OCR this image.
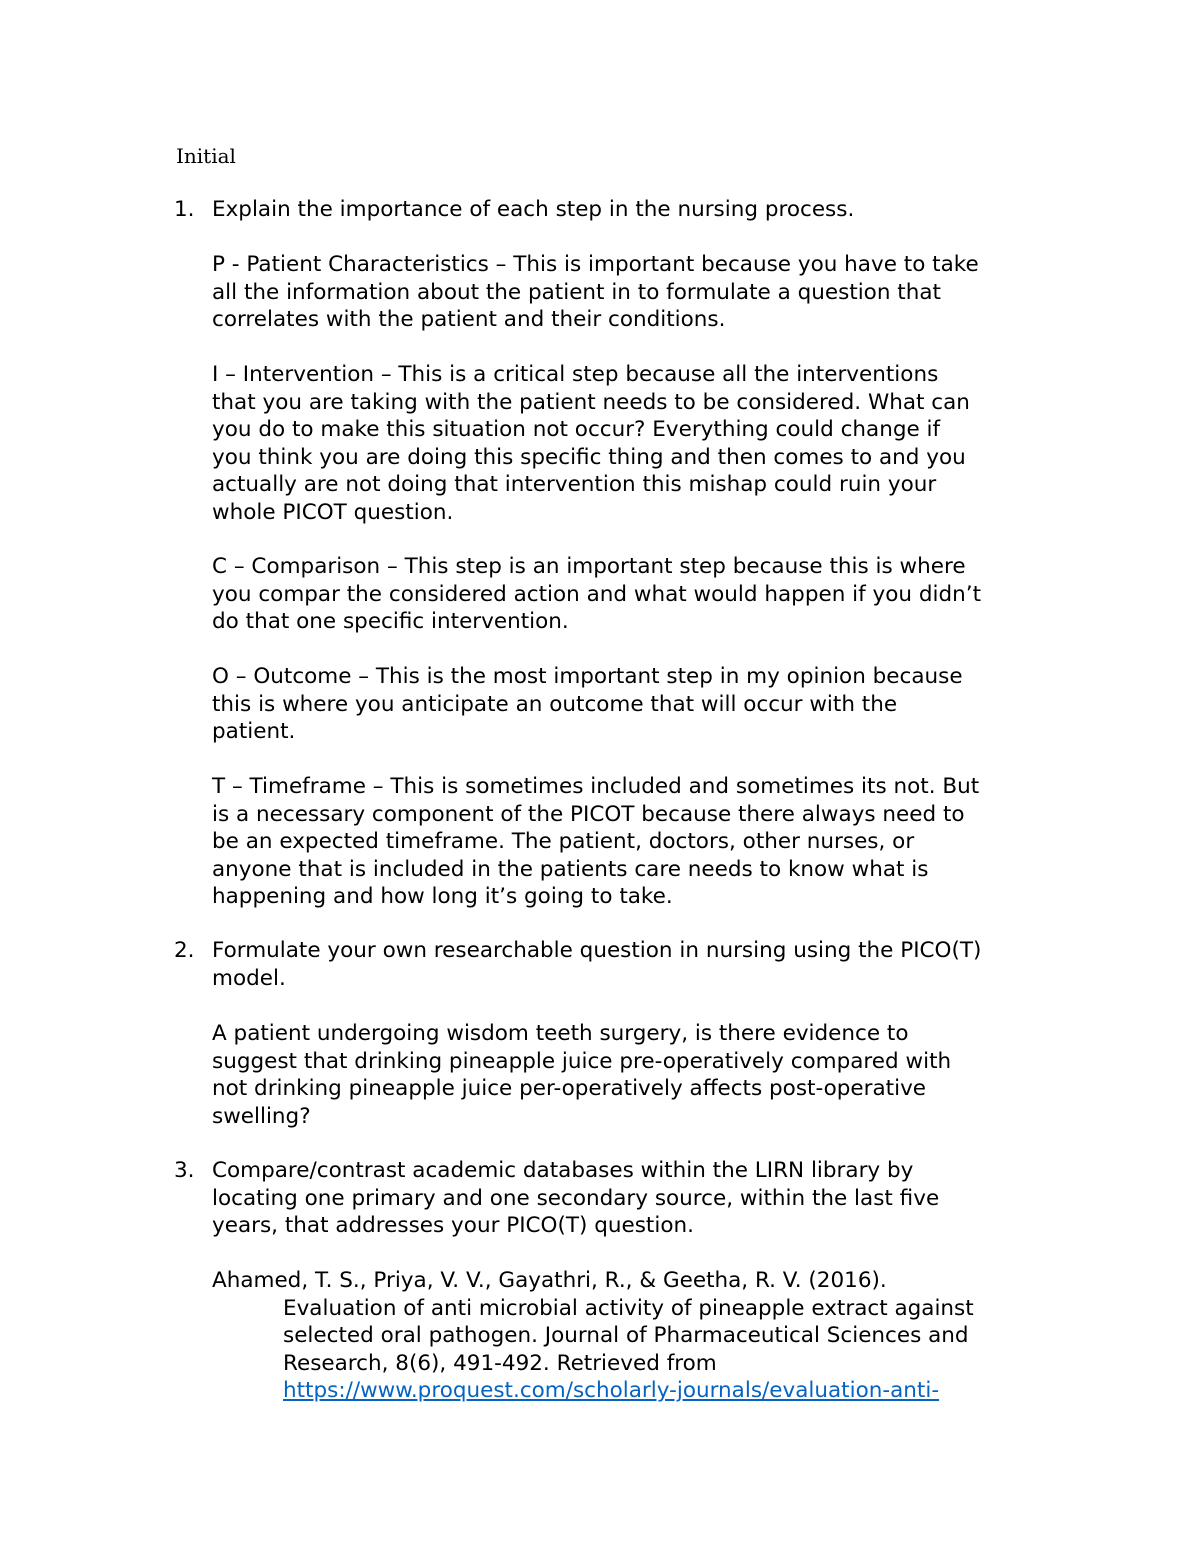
Initial
1. Explain the importance of each step in the nursing process.

P - Patient Characteristics – This is important because you have to take
all the information about the patient in to formulate a question that
correlates with the patient and their conditions.

I – Intervention – This is a critical step because all the interventions
that you are taking with the patient needs to be considered. What can
you do to make this situation not occur? Everything could change if
you think you are doing this specific thing and then comes to and you
actually are not doing that intervention this mishap could ruin your
whole PICOT question.

C – Comparison – This step is an important step because this is where
you compar the considered action and what would happen if you didn’t
do that one specific intervention.

O – Outcome – This is the most important step in my opinion because
this is where you anticipate an outcome that will occur with the
patient.

T – Timeframe – This is sometimes included and sometimes its not. But
is a necessary component of the PICOT because there always need to
be an expected timeframe. The patient, doctors, other nurses, or
anyone that is included in the patients care needs to know what is
happening and how long it’s going to take.

2. Formulate your own researchable question in nursing using the PICO(T)
model.

A patient undergoing wisdom teeth surgery, is there evidence to
suggest that drinking pineapple juice pre-operatively compared with
not drinking pineapple juice per-operatively affects post-operative
swelling?

3. Compare/contrast academic databases within the LIRN library by
locating one primary and one secondary source, within the last five
years, that addresses your PICO(T) question.

Ahamed, T. S., Priya, V. V., Gayathri, R., & Geetha, R. V. (2016).
Evaluation of anti microbial activity of pineapple extract against
selected oral pathogen. Journal of Pharmaceutical Sciences and
Research, 8(6), 491-492. Retrieved from
https://www.proquest.com/scholarly-journals/evaluation-anti-
